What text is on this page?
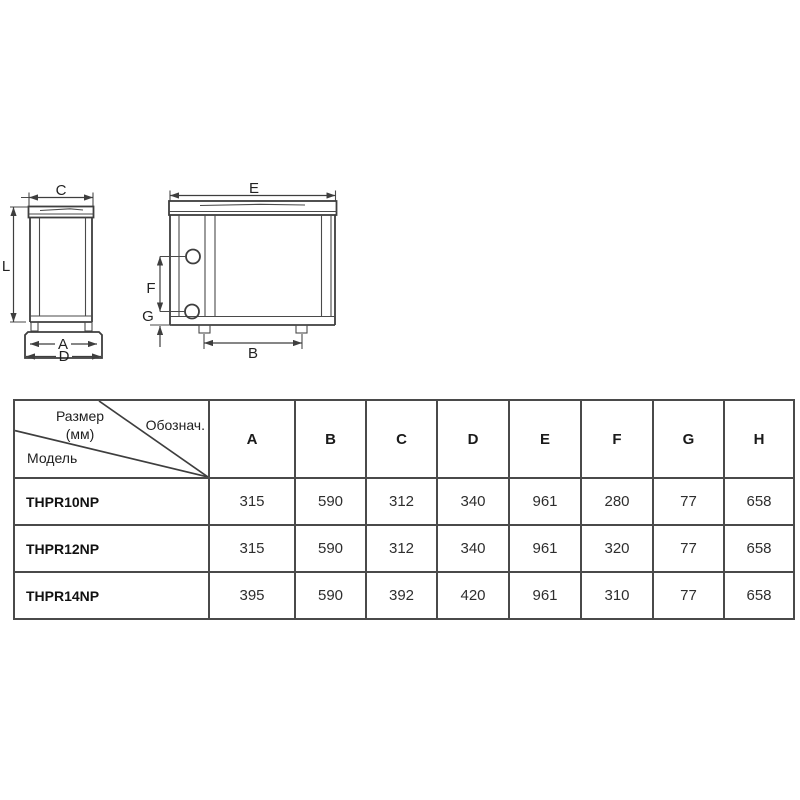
C
A
D
L
E
F
G
B
Размер
(мм)
Обознач.
Модель	A	B	C	D	E	F	G	H
THPR10NP	315	590	312	340	961	280	77	658
THPR12NP	315	590	312	340	961	320	77	658
THPR14NP	395	590	392	420	961	310	77	658
